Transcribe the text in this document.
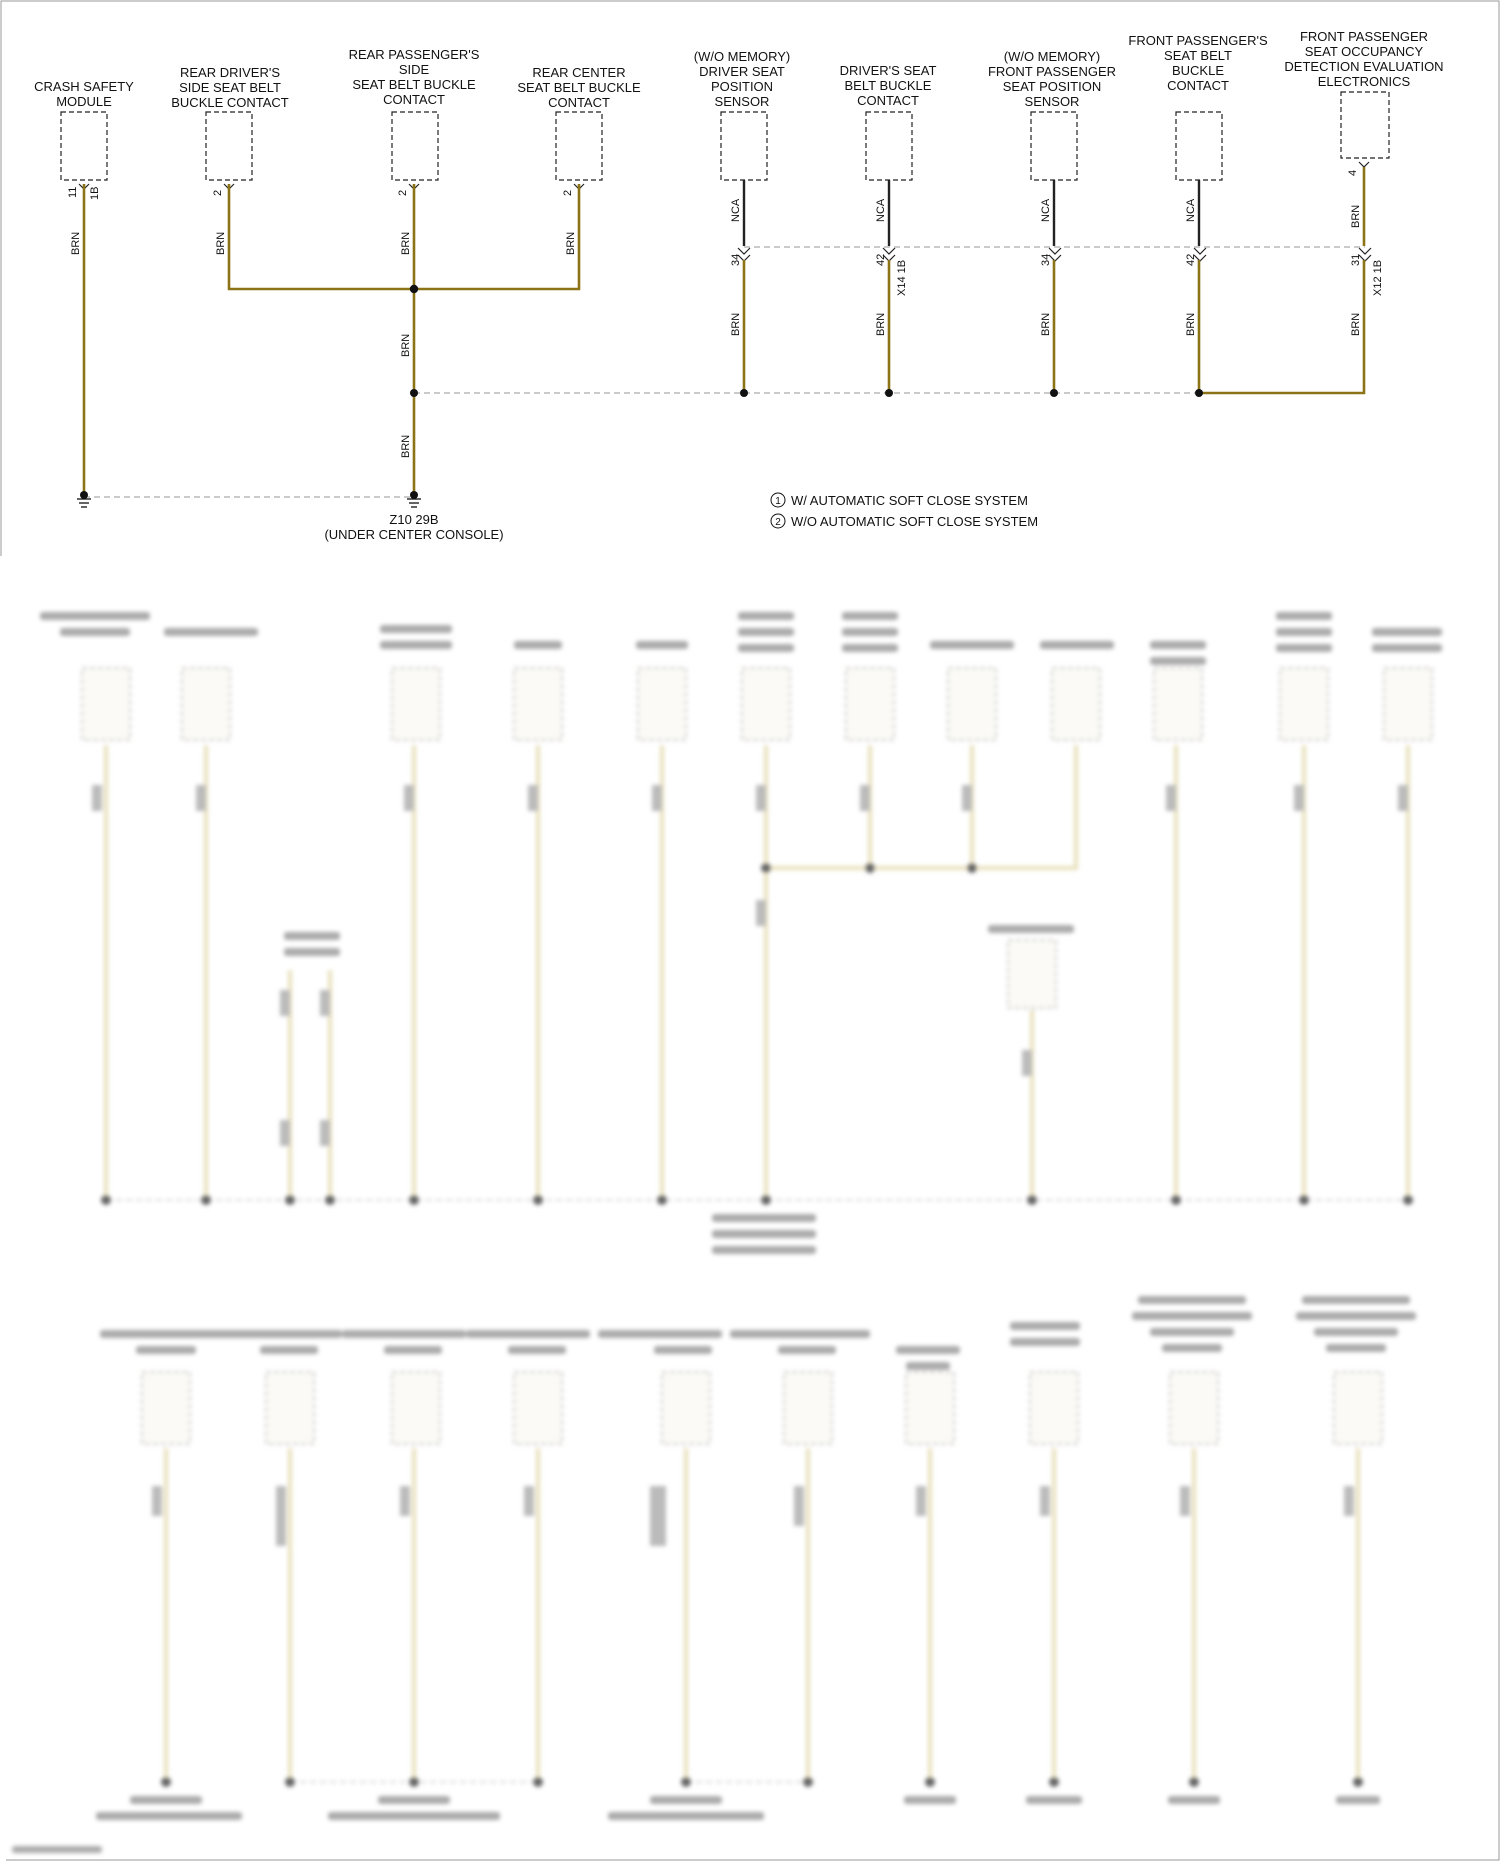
CRASH SAFETY MODULE
REAR DRIVER'S SIDE SEAT BELT BUCKLE CONTACT
REAR PASSENGER'S SIDE SEAT BELT BUCKLE CONTACT
REAR CENTER SEAT BELT BUCKLE CONTACT
(W/O MEMORY) DRIVER SEAT POSITION SENSOR
DRIVER'S SEAT BELT BUCKLE CONTACT
(W/O MEMORY) FRONT PASSENGER SEAT POSITION SENSOR
FRONT PASSENGER'S SEAT BELT BUCKLE CONTACT
FRONT PASSENGER SEAT OCCUPANCY DETECTION EVALUATION ELECTRONICS
11 1B	2	2	2
4
34	42
X14 1B
34	42	31
X12 1B
BRN	BRN	BRN	BRN
BRN
BRN
BRN	BRN	BRN	BRN	BRN
BRN
NCA	NCA	NCA	NCA
Z10 29B (UNDER CENTER CONSOLE)
1 W/ AUTOMATIC SOFT CLOSE SYSTEM
2 W/O AUTOMATIC SOFT CLOSE SYSTEM
